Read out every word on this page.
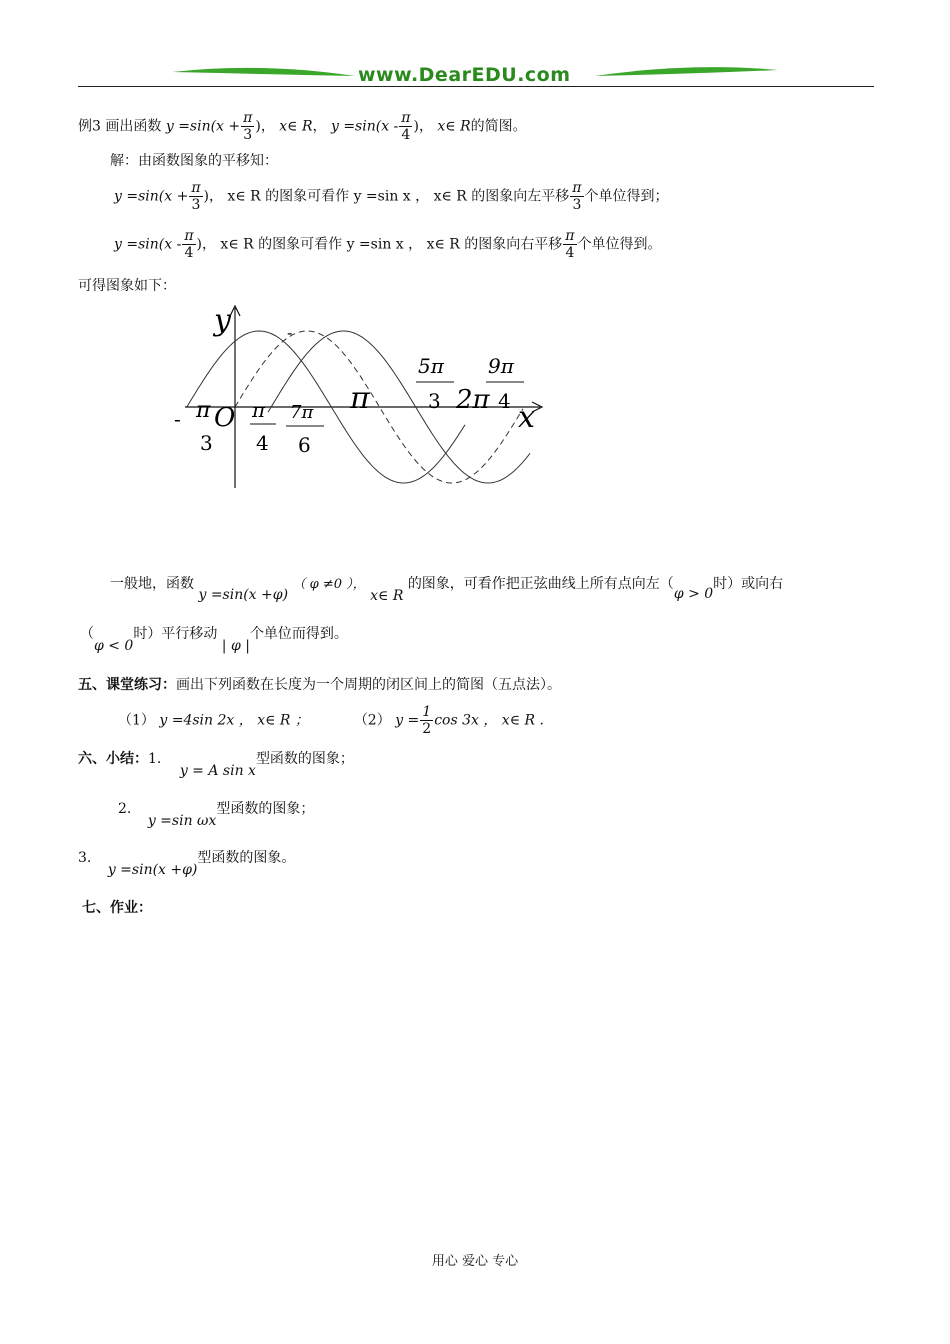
www.DearEDU.com
例3 画出函数 $y =\sin(x + \frac{\pi}{3}$ )， x∈ R， $y =\sin(x - \frac{\pi}{4}$ )， x∈ R的简图。
解：由函数图象的平移知：
$y =\sin(x + \frac{\pi}{3}$ )， x∈ R 的图象可看作 y =sin x ， x∈ R 的图象向左平移 $\frac{\pi}{3}$ 个单位得到；
$y =\sin(x - \frac{\pi}{4}$ )， x∈ R 的图象可看作 y =sin x ， x∈ R 的图象向右平移 $\frac{\pi}{4}$ 个单位得到。
可得图象如下：
y
x
O
-
- π
3
π
4
7π
6
π
5π
3 2π
9π
4
一般地，函数 y =sin(x +φ) （ φ ≠0 ）， x∈ R 的图象，可看作把正弦曲线上所有点向左（φ > 0时）或向右
（φ < 0时）平行移动 | φ |个单位而得到。
五、课堂练习：画出下列函数在长度为一个周期的闭区间上的简图（五点法）。
（1） y =4sin 2x ， x∈ R ；	（2） $y = \frac{1}{2}$ cos 3x ， x∈ R .
六、小结：1. y = A sin x型函数的图象；
2. y =sin ωx型函数的图象；
3. y =sin(x +φ)型函数的图象。
七、作业：
用心 爱心 专心
